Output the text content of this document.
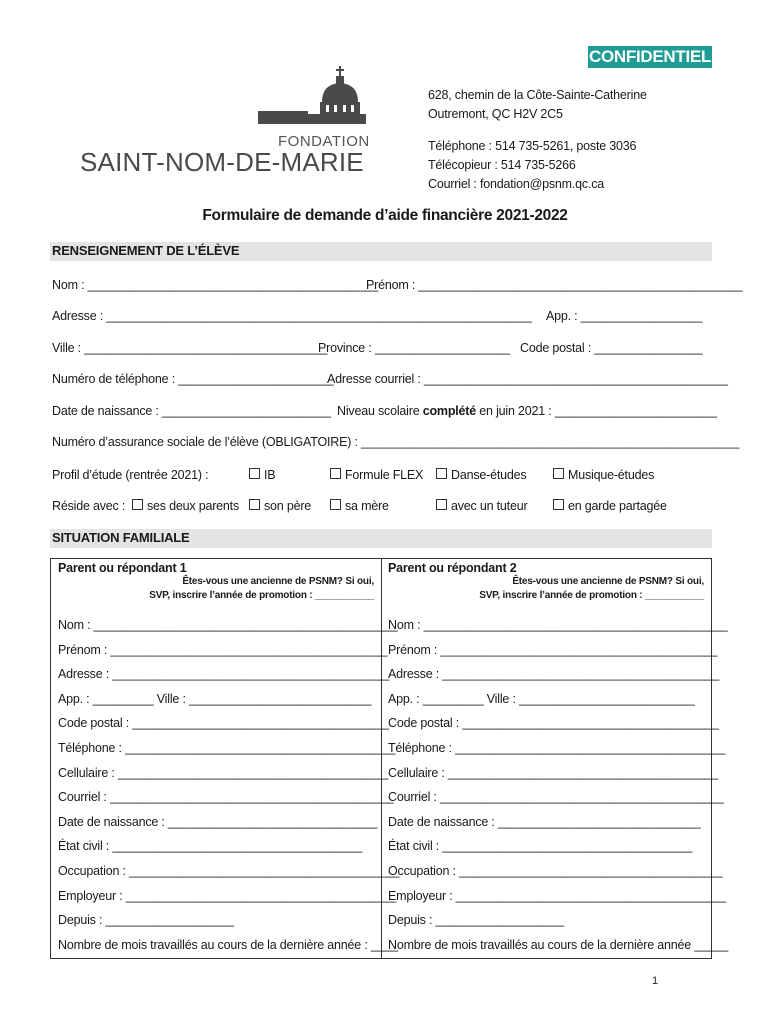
CONFIDENTIEL
FONDATION
SAINT-NOM-DE-MARIE
628, chemin de la Côte-Sainte-Catherine
Outremont, QC H2V 2C5
Téléphone : 514 735-5261, poste 3036
Télécopieur : 514 735-5266
Courriel : fondation@psnm.qc.ca
Formulaire de demande d’aide financière 2021-2022
RENSEIGNEMENT DE L’ÉLÈVE
Nom : ___________________________________________
Prénom : ________________________________________________
Adresse : _______________________________________________________________ App. : __________________
Ville : ____________________________________
Province : ____________________ Code postal : ________________
Numéro de téléphone : _______________________
Adresse courriel : _____________________________________________
Date de naissance : _________________________ Niveau scolaire complété en juin 2021 : ________________________
Numéro d’assurance sociale de l’élève (OBLIGATOIRE) : ________________________________________________________
Profil d’étude (rentrée 2021) :	IB	Formule FLEX	Danse-études	Musique-études
Réside avec :	ses deux parents	son père	sa mère	avec un tuteur	en garde partagée
SITUATION FAMILIALE
Parent ou répondant 1
Êtes-vous une ancienne de PSNM? Si oui,
SVP, inscrire l’année de promotion : ___________
Nom : _____________________________________________
Prénom : _________________________________________
Adresse : _________________________________________
App. : _________ Ville : ___________________________
Code postal : ______________________________________
Téléphone : ________________________________________
Cellulaire : ________________________________________
Courriel : __________________________________________
Date de naissance : _______________________________
État civil : _____________________________________
Occupation : ________________________________________
Employeur : ________________________________________
Depuis : ___________________
Nombre de mois travaillés au cours de la dernière année : ____
Parent ou répondant 2
Êtes-vous une ancienne de PSNM? Si oui,
SVP, inscrire l’année de promotion : ___________
Nom : _____________________________________________
Prénom : _________________________________________
Adresse : _________________________________________
App. : _________ Ville : __________________________
Code postal : ______________________________________
Téléphone : ________________________________________
Cellulaire : ________________________________________
Courriel : __________________________________________
Date de naissance : ______________________________
État civil : _____________________________________
Occupation : _______________________________________
Employeur : ________________________________________
Depuis : ___________________
Nombre de mois travaillés au cours de la dernière année _____
1
